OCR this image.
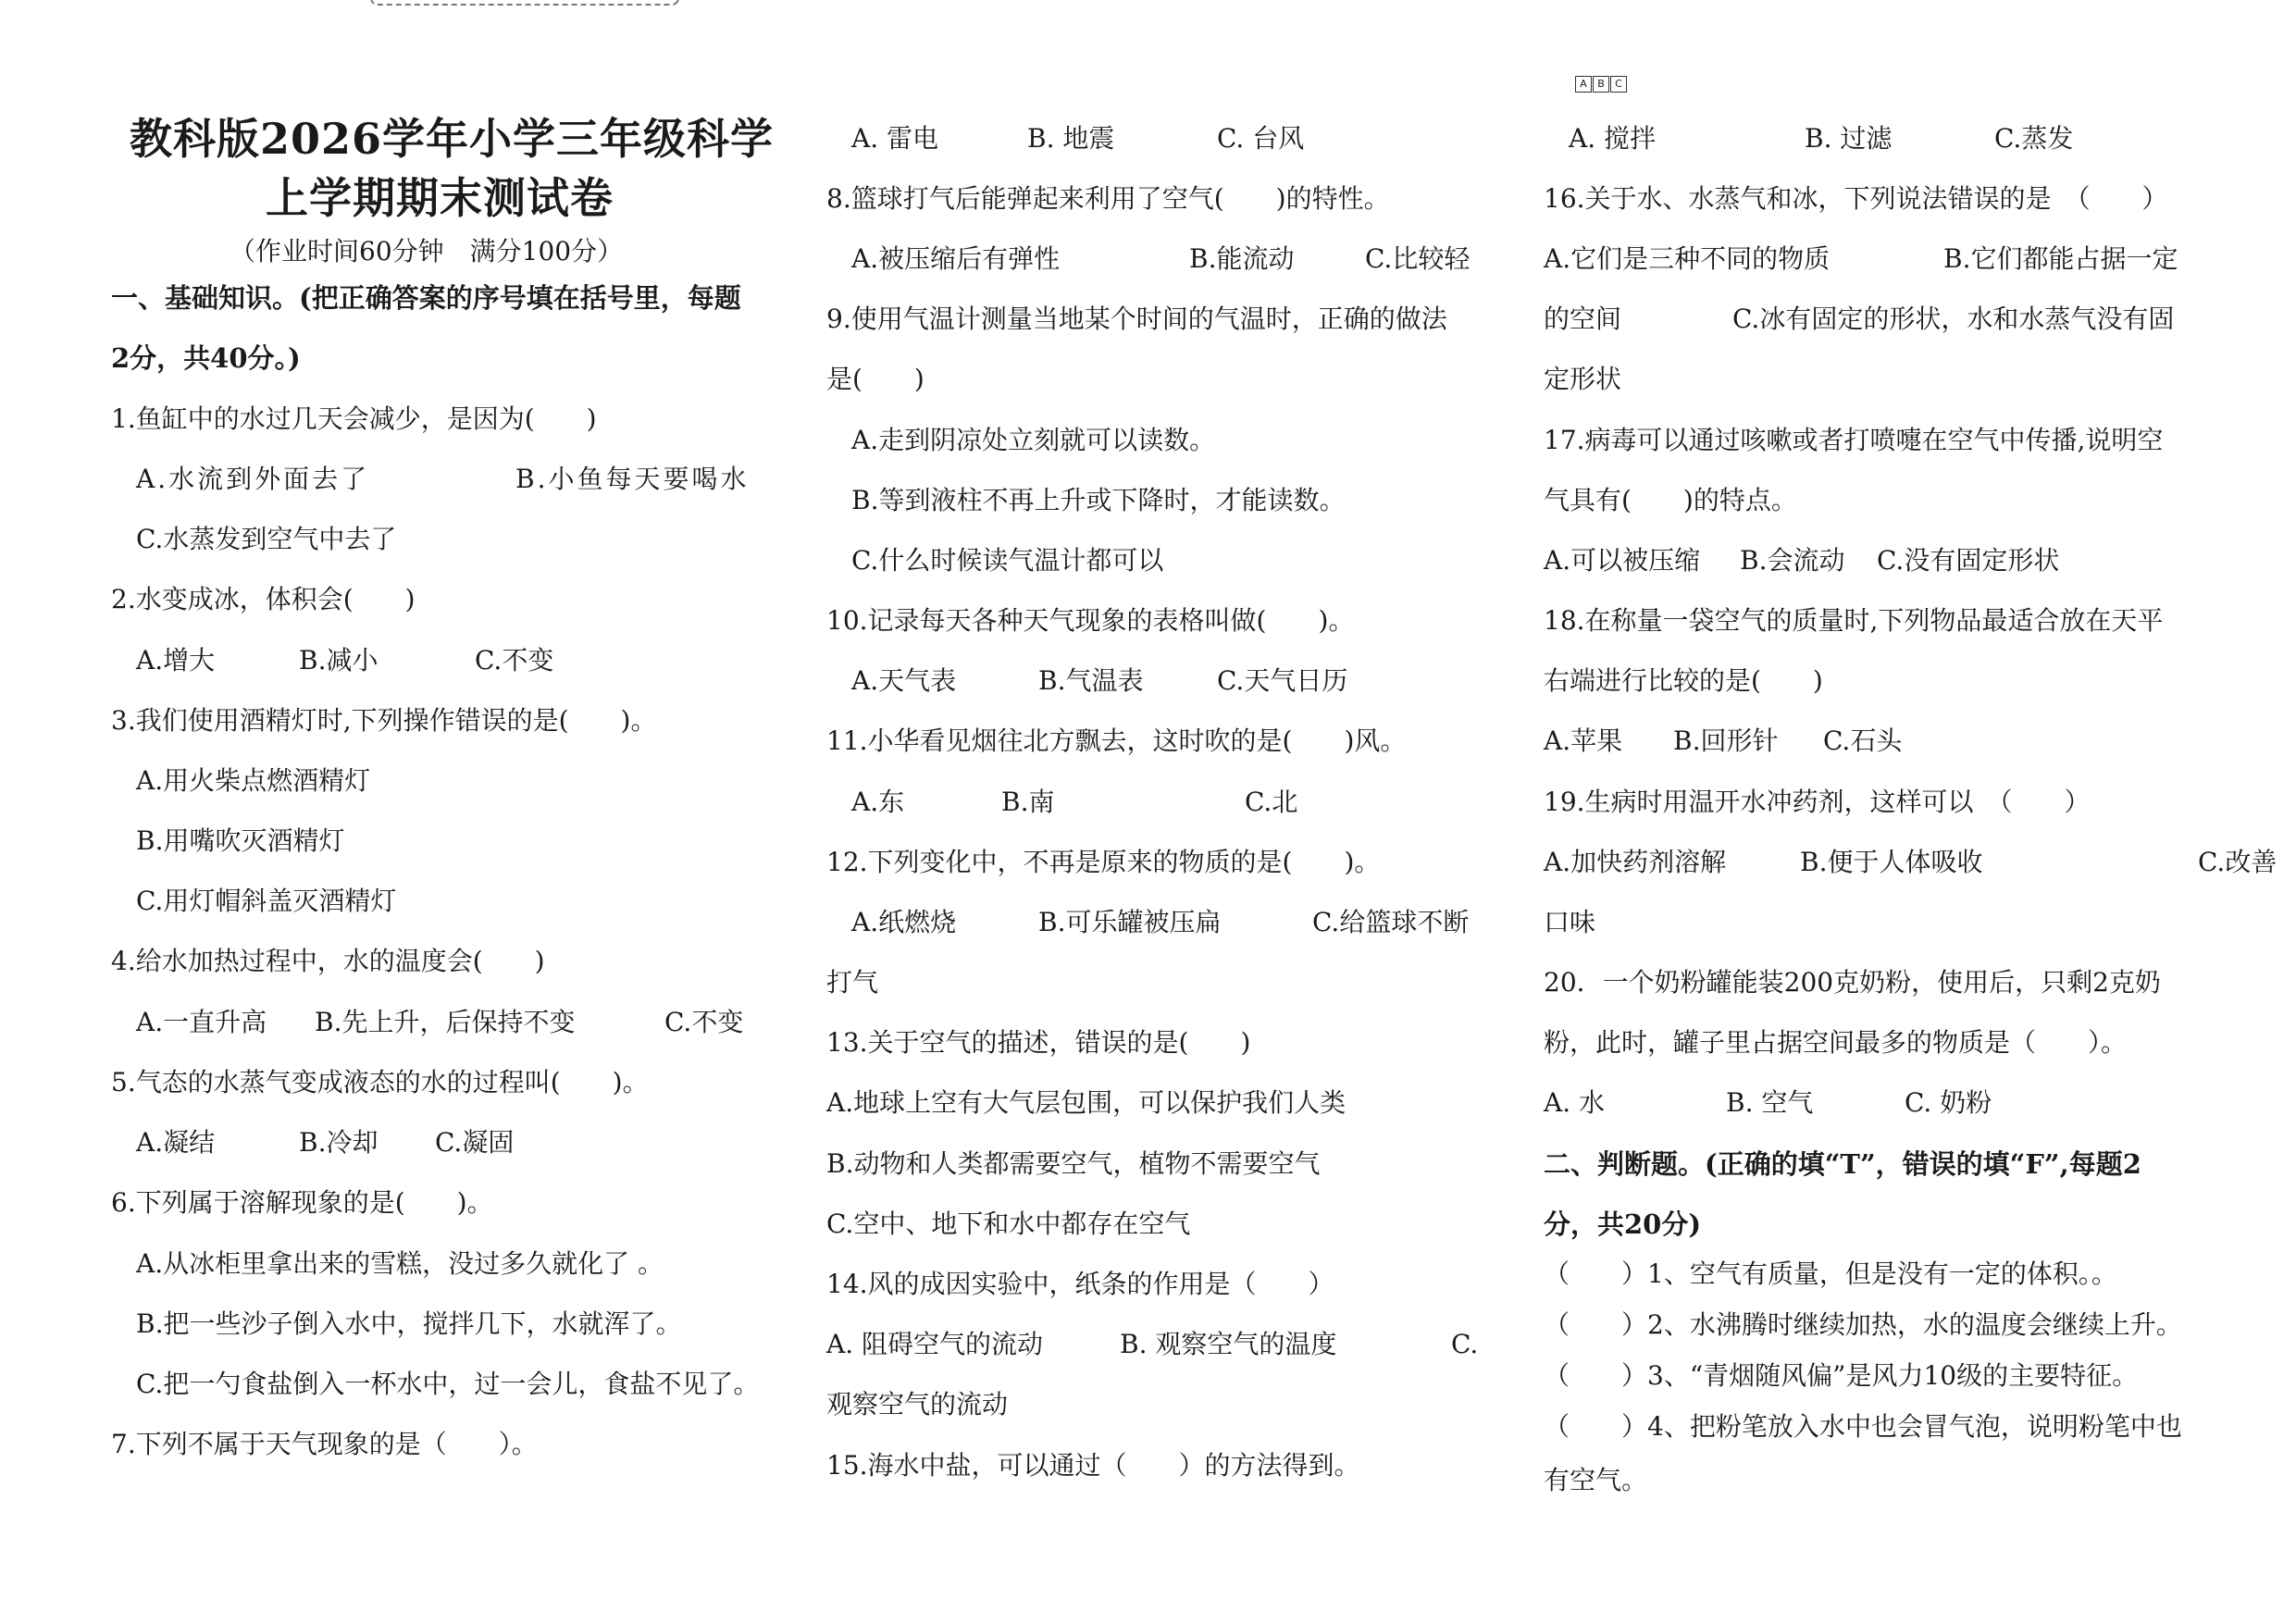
教科版2026学年小学三年级科学
上学期期末测试卷
（作业时间60分钟　满分100分）
一、基础知识。(把正确答案的序号填在括号里，每题
2分，共40分。)
1.鱼缸中的水过几天会减少，是因为(　　)
A.水流到外面去了	B.小鱼每天要喝水
C.水蒸发到空气中去了
2.水变成冰，体积会(　　)
A.增大	B.减小	C.不变
3.我们使用酒精灯时,下列操作错误的是(　　)。
A.用火柴点燃酒精灯
B.用嘴吹灭酒精灯
C.用灯帽斜盖灭酒精灯
4.给水加热过程中，水的温度会(　　)
A.一直升高 B.先上升，后保持不变	C.不变
5.气态的水蒸气变成液态的水的过程叫(　　)。
A.凝结	B.冷却 C.凝固
6.下列属于溶解现象的是(　　)。
A.从冰柜里拿出来的雪糕，没过多久就化了 。
B.把一些沙子倒入水中，搅拌几下，水就浑了。
C.把一勺食盐倒入一杯水中，过一会儿，食盐不见了。
7.下列不属于天气现象的是（　　）。
A. 雷电	B. 地震	C. 台风
8.篮球打气后能弹起来利用了空气(　　)的特性。
A.被压缩后有弹性	B.能流动	C.比较轻
9.使用气温计测量当地某个时间的气温时，正确的做法
是(　　)
A.走到阴凉处立刻就可以读数。
B.等到液柱不再上升或下降时，才能读数。
C.什么时候读气温计都可以
10.记录每天各种天气现象的表格叫做(　　)。
A.天气表	B.气温表	C.天气日历
11.小华看见烟往北方飘去，这时吹的是(　　)风。
A.东	B.南	C.北
12.下列变化中，不再是原来的物质的是(　　)。
A.纸燃烧	B.可乐罐被压扁	C.给篮球不断
打气
13.关于空气的描述，错误的是(　　)
A.地球上空有大气层包围，可以保护我们人类
B.动物和人类都需要空气，植物不需要空气
C.空中、地下和水中都存在空气
14.风的成因实验中，纸条的作用是（　　）
A. 阻碍空气的流动	B. 观察空气的温度	C.
观察空气的流动
15.海水中盐，可以通过（　　）的方法得到。
A	B	C
A. 搅拌	B. 过滤	C.蒸发
16.关于水、水蒸气和冰，下列说法错误的是　（　　）
A.它们是三种不同的物质	B.它们都能占据一定
的空间	C.冰有固定的形状，水和水蒸气没有固
定形状
17.病毒可以通过咳嗽或者打喷嚏在空气中传播,说明空
气具有(　　)的特点。
A.可以被压缩 B.会流动 C.没有固定形状
18.在称量一袋空气的质量时,下列物品最适合放在天平
右端进行比较的是(　　)
A.苹果 B.回形针 C.石头
19.生病时用温开水冲药剂，这样可以　（　　）
A.加快药剂溶解	B.便于人体吸收	C.改善
口味
20．一个奶粉罐能装200克奶粉，使用后，只剩2克奶
粉，此时，罐子里占据空间最多的物质是（　　）。
A. 水	B. 空气	C. 奶粉
二、判断题。(正确的填“T”，错误的填“F”,每题2
分，共20分)
（　　）1、空气有质量，但是没有一定的体积。。
（　　）2、水沸腾时继续加热，水的温度会继续上升。
（　　）3、“青烟随风偏”是风力10级的主要特征。
（　　）4、把粉笔放入水中也会冒气泡，说明粉笔中也
有空气。
